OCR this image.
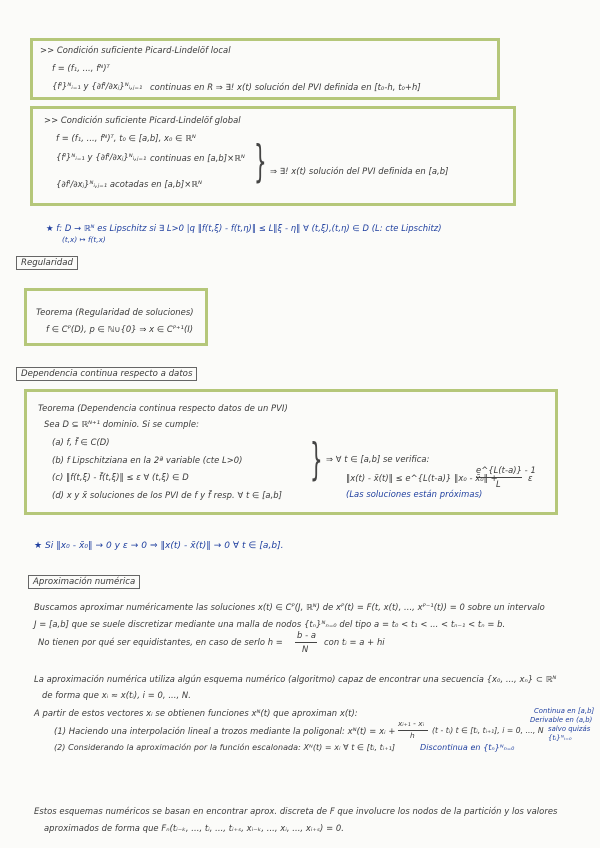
>> Condición suficiente Picard-Lindelöf local
f = (f₁, ..., fᴺ)ᵀ
{fᴵ}ᴺᵢ₌₁ y {∂fᴵ/∂xⱼ}ᴺᵢ,ⱼ₌₁ continuas en R ⇒ ∃! x(t) solución del PVI definida en [t₀-h, t₀+h]
>> Condición suficiente Picard-Lindelöf global
f = (f₁, ..., fᴺ)ᵀ, t₀ ∈ [a,b], x₀ ∈ ℝᴺ
{fᴵ}ᴺᵢ₌₁ y {∂fᴵ/∂xⱼ}ᴺᵢ,ⱼ₌₁ continuas en [a,b]×ℝᴺ
{∂fᴵ/∂xⱼ}ᴺᵢ,ⱼ₌₁ acotadas en [a,b]×ℝᴺ } ⇒ ∃! x(t) solución del PVI definida en [a,b]
★ f: D → ℝᴺ es Lipschitz si ∃ L>0 |q ‖f(t,ξ) - f(t,η)‖ ≤ L‖ξ - η‖ ∀ (t,ξ),(t,η) ∈ D (L: cte Lipschitz)
(t,x) ↦ f(t,x)
Regularidad
Teorema (Regularidad de soluciones)
f ∈ Cᴾ(D), p ∈ ℕ∪{0} ⇒ x ∈ Cᴾ⁺¹(I)
Dependencia continua respecto a datos
Teorema (Dependencia continua respecto datos de un PVI)
Sea D ⊆ ℝᴺ⁺¹ dominio. Si se cumple:
(a) f, f̃ ∈ C(D)
(b) f Lipschitziana en la 2ª variable (cte L>0)
(c) ‖f(t,ξ) - f̃(t,ξ)‖ ≤ ε ∀ (t,ξ) ∈ D
(d) x y x̃ soluciones de los PVI de f y f̃ resp. ∀ t ∈ [a,b]
} ⇒ ∀ t ∈ [a,b] se verifica:
‖x(t) - x̃(t)‖ ≤ e^{L(t-a)} ‖x₀ - x̃₀‖ +
e^{L(t-a)} - 1
L
ε
(Las soluciones están próximas)
★ Si ‖x₀ - x̃₀‖ → 0 y ε → 0 ⇒ ‖x(t) - x̃(t)‖ → 0 ∀ t ∈ [a,b].
Aproximación numérica
Buscamos aproximar numéricamente las soluciones x(t) ∈ Cᴾ(J, ℝᴺ) de xᴾ(t) = F(t, x(t), ..., xᴾ⁻¹(t)) = 0 sobre un intervalo
J = [a,b] que se suele discretizar mediante una malla de nodos {tₙ}ᴺₙ₌₀ del tipo a = t₀ < t₁ < ... < tₙ₋₁ < tₙ = b.
No tienen por qué ser equidistantes, en caso de serlo h =
b - a
N
con tᵢ = a + hi
La aproximación numérica utiliza algún esquema numérico (algoritmo) capaz de encontrar una secuencia {x₀, ..., xₙ} ⊂ ℝᴺ
de forma que xᵢ ≈ x(tᵢ), i = 0, ..., N.
A partir de estos vectores xᵢ se obtienen funciones xᴺ(t) que aproximan x(t):
(1) Haciendo una interpolación lineal a trozos mediante la poligonal: xᴺ(t) = xᵢ +
xᵢ₊₁ - xᵢ
h
(t - tᵢ) t ∈ [tᵢ, tᵢ₊₁], i = 0, ..., N
(2) Considerando la aproximación por la función escalonada: Xᴺ(t) = xᵢ ∀ t ∈ [tᵢ, tᵢ₊₁]	Discontinua en {tₙ}ᴺₙ₌₀
Continua en [a,b]
Derivable en (a,b)
salvo quizás
{tᵢ}ᴺᵢ₌₀
Estos esquemas numéricos se basan en encontrar aprox. discreta de F que involucre los nodos de la partición y los valores
aproximados de forma que Fₙ(tᵢ₋ₖ, ..., tᵢ, ..., tᵢ₊ₛ, xᵢ₋ₖ, ..., xᵢ, ..., xᵢ₊ₛ) = 0.
